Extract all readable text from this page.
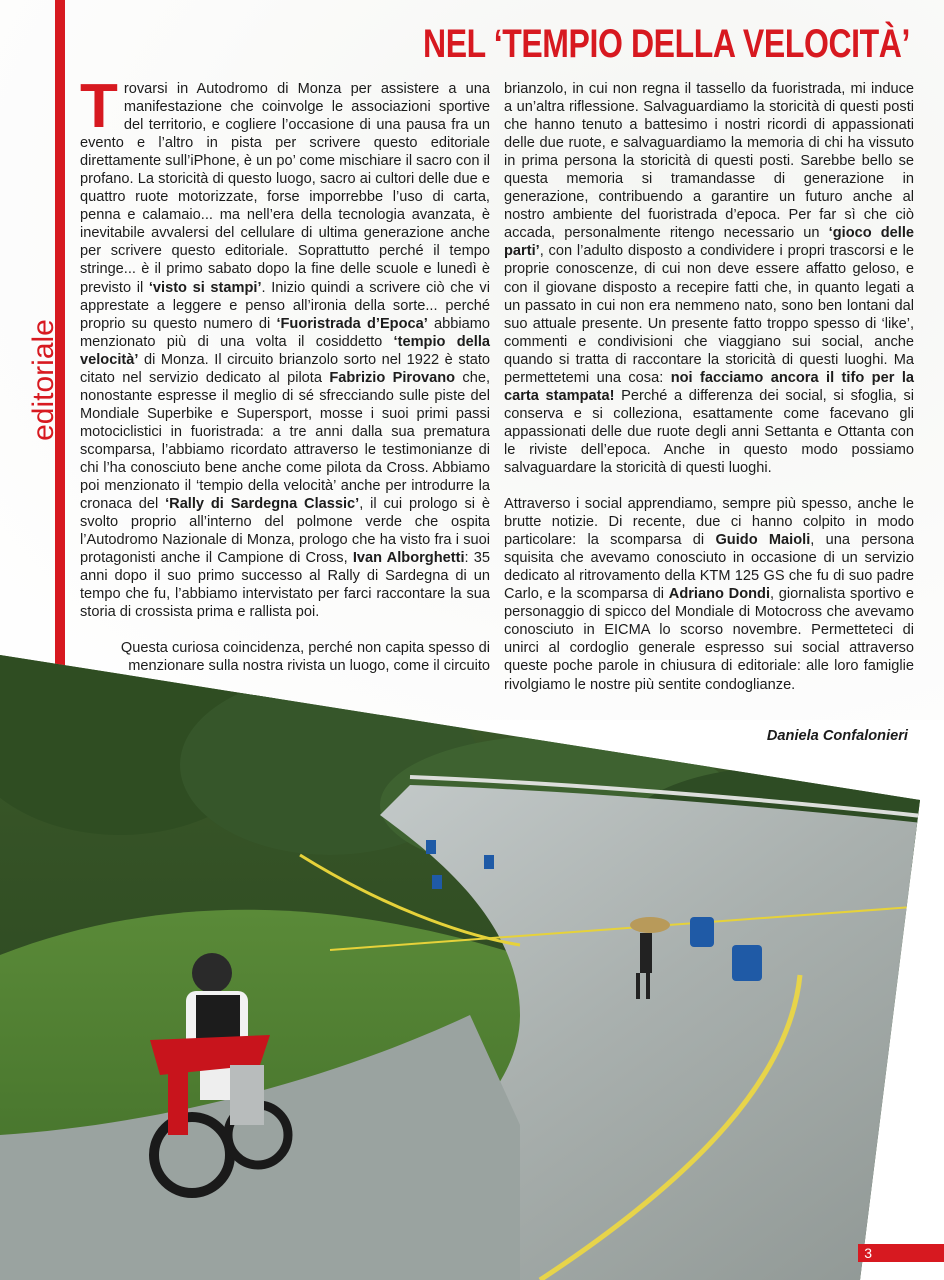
editoriale
NEL ‘TEMPIO DELLA VELOCITÀ’

T rovarsi in Autodromo di Monza per assistere a una manifestazione che coinvolge le associazioni sportive del territorio, e cogliere l’occasione di una pausa fra un evento e l’altro in pista per scrivere questo editoriale direttamente sull’iPhone, è un po’ come mischiare il sacro con il profano. La storicità di questo luogo, sacro ai cultori delle due e quattro ruote motorizzate, forse imporrebbe l’uso di carta, penna e calamaio... ma nell’era della tecnologia avanzata, è inevitabile avvalersi del cellulare di ultima generazione anche per scrivere questo editoriale. Soprattutto perché il tempo stringe... è il primo sabato dopo la fine delle scuole e lunedì è previsto il ‘visto si stampi’. Inizio quindi a scrivere ciò che vi apprestate a leggere e penso all’ironia della sorte... perché proprio su questo numero di ‘Fuoristrada d’Epoca’ abbiamo menzionato più di una volta il cosiddetto ‘tempio della velocità’ di Monza. Il circuito brianzolo sorto nel 1922 è stato citato nel servizio dedicato al pilota Fabrizio Pirovano che, nonostante espresse il meglio di sé sfrecciando sulle piste del Mondiale Superbike e Supersport, mosse i suoi primi passi motociclistici in fuoristrada: a tre anni dalla sua prematura scomparsa, l’abbiamo ricordato attraverso le testimonianze di chi l’ha conosciuto bene anche come pilota da Cross. Abbiamo poi menzionato il ‘tempio della velocità’ anche per introdurre la cronaca del ‘Rally di Sardegna Classic’, il cui prologo si è svolto proprio all’interno del polmone verde che ospita l’Autodromo Nazionale di Monza, prologo che ha visto fra i suoi protagonisti anche il Campione di Cross, Ivan Alborghetti: 35 anni dopo il suo primo successo al Rally di Sardegna di un tempo che fu, l’abbiamo intervistato per farci raccontare la sua storia di crossista prima e rallista poi.

Questa curiosa coincidenza, perché non capita spesso di menzionare sulla nostra rivista un luogo, come il circuito

brianzolo, in cui non regna il tassello da fuoristrada, mi induce a un’altra riflessione. Salvaguardiamo la storicità di questi posti che hanno tenuto a battesimo i nostri ricordi di appassionati delle due ruote, e salvaguardiamo la memoria di chi ha vissuto in prima persona la storicità di questi posti. Sarebbe bello se questa memoria si tramandasse di generazione in generazione, contribuendo a garantire un futuro anche al nostro ambiente del fuoristrada d’epoca. Per far sì che ciò accada, personalmente ritengo necessario un ‘gioco delle parti’, con l’adulto disposto a condividere i propri trascorsi e le proprie conoscenze, di cui non deve essere affatto geloso, e con il giovane disposto a recepire fatti che, in quanto legati a un passato in cui non era nemmeno nato, sono ben lontani dal suo attuale presente. Un presente fatto troppo spesso di ‘like’, commenti e condivisioni che viaggiano sui social, anche quando si tratta di raccontare la storicità di questi luoghi. Ma permettetemi una cosa: noi facciamo ancora il tifo per la carta stampata! Perché a differenza dei social, si sfoglia, si conserva e si colleziona, esattamente come facevano gli appassionati delle due ruote degli anni Settanta e Ottanta con le riviste dell’epoca. Anche in questo modo possiamo salvaguardare la storicità di questi luoghi.

Attraverso i social apprendiamo, sempre più spesso, anche le brutte notizie. Di recente, due ci hanno colpito in modo particolare: la scomparsa di Guido Maioli, una persona squisita che avevamo conosciuto in occasione di un servizio dedicato al ritrovamento della KTM 125 GS che fu di suo padre Carlo, e la scomparsa di Adriano Dondi, giornalista sportivo e personaggio di spicco del Mondiale di Motocross che avevamo conosciuto in EICMA lo scorso novembre. Permetteteci di unirci al cordoglio generale espresso sui social attraverso queste poche parole in chiusura di editoriale: alle loro famiglie rivolgiamo le nostre più sentite condoglianze.

Daniela Confalonieri
3
